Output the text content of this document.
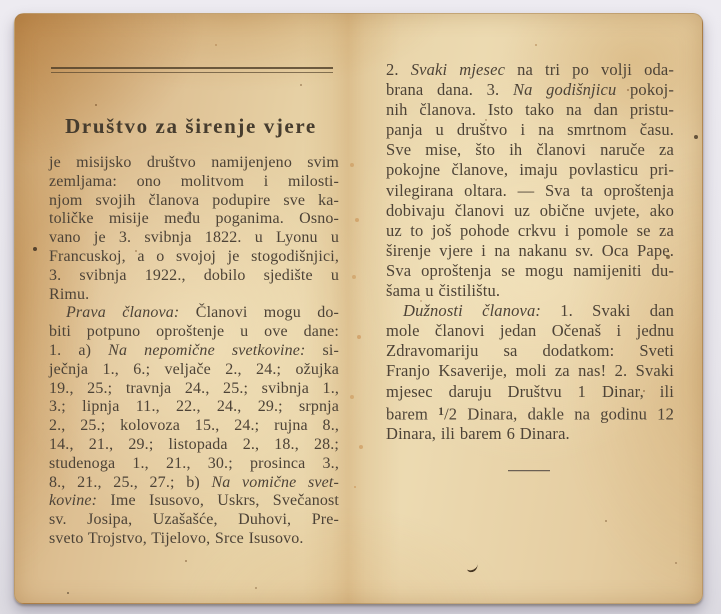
Društvo za širenje vjere
je misijsko društvo namijenjeno svim
zemljama: ono molitvom i milosti-
njom svojih članova podupire sve ka-
toličke misije među poganima. Osno-
vano je 3. svibnja 1822. u Lyonu u
Francuskoj, a o svojoj je stogodišnjici,
3. svibnja 1922., dobilo sjedište u
Rimu.
Prava članova: Članovi mogu do-
biti potpuno oproštenje u ove dane:
1. a) Na nepomične svetkovine: si-
ječnja 1., 6.; veljače 2., 24.; ožujka
19., 25.; travnja 24., 25.; svibnja 1.,
3.; lipnja 11., 22., 24., 29.; srpnja
2., 25.; kolovoza 15., 24.; rujna 8.,
14., 21., 29.; listopada 2., 18., 28.;
studenoga 1., 21., 30.; prosinca 3.,
8., 21., 25., 27.; b) Na vomične svet-
kovine: Ime Isusovo, Uskrs, Svečanost
sv. Josipa, Uzašašće, Duhovi, Pre-
sveto Trojstvo, Tijelovo, Srce Isusovo.
2. Svaki mjesec na tri po volji oda-
brana dana. 3. Na godišnjicu pokoj-
nih članova. Isto tako na dan pristu-
panja u društvo i na smrtnom času.
Sve mise, što ih članovi naruče za
pokojne članove, imaju povlasticu pri-
vilegirana oltara. — Sva ta oproštenja
dobivaju članovi uz obične uvjete, ako
uz to još pohode crkvu i pomole se za
širenje vjere i na nakanu sv. Oca Pape.
Sva oproštenja se mogu namijeniti du-
šama u čistilištu.
Dužnosti članova: 1. Svaki dan
mole članovi jedan Očenaš i jednu
Zdravomariju sa dodatkom: Sveti
Franjo Ksaverije, moli za nas! 2. Svaki
mjesec daruju Društvu 1 Dinar, ili
barem $^1$/2 Dinara, dakle na godinu 12
Dinara, ili barem 6 Dinara.
